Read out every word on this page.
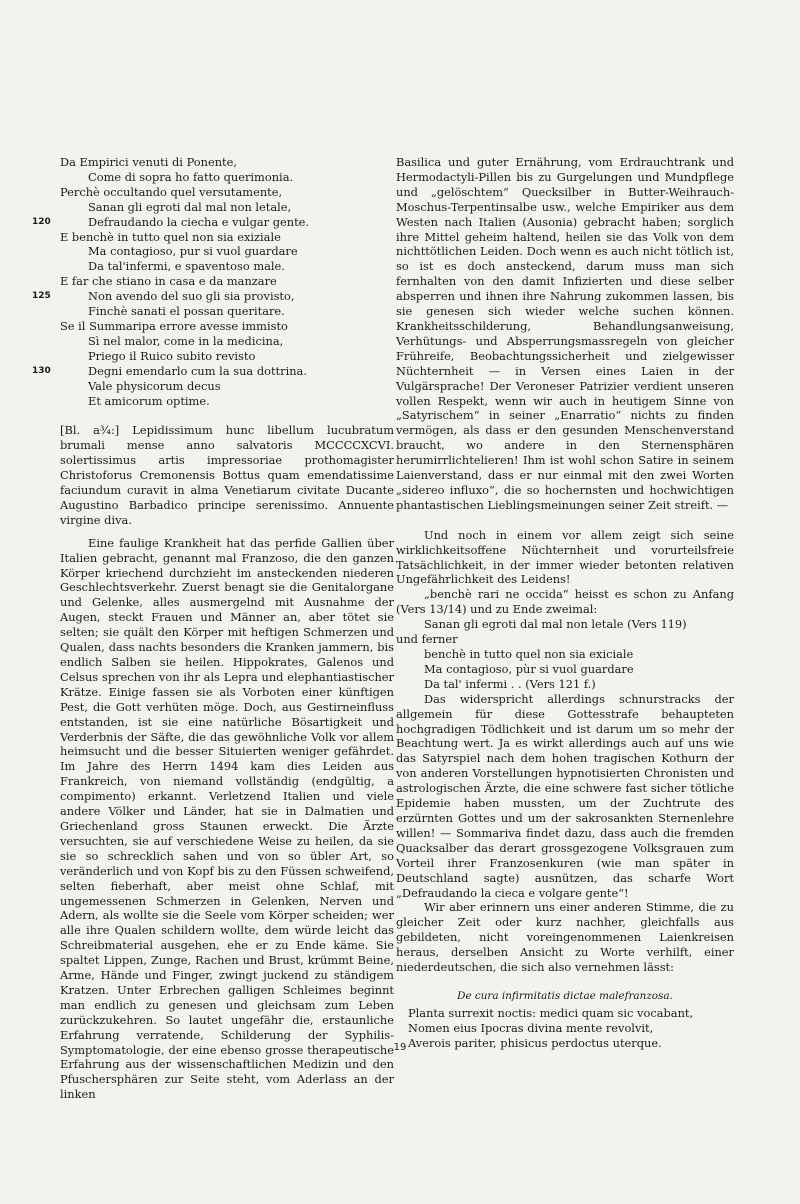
Da Empirici venuti di Ponente,

Come di sopra ho fatto querimonia.

Perchè occultando quel versutamente,

Sanan gli egroti dal mal non letale,

120	Defraudando la ciecha e vulgar gente.

E benchè in tutto quel non sia exiziale

Ma contagioso, pur si vuol guardare

Da tal'infermi, e spaventoso male.

E far che stiano in casa e da manzare

125	Non avendo del suo gli sia provisto,

Finchè sanati el possan queritare.

Se il Summaripa errore avesse immisto

Sì nel malor, come in la medicina,

Priego il Ruico subito revisto

130	Degni emendarlo cum la sua dottrina.

Vale physicorum decus

Et amicorum optime.

[Bl. a¾:] Lepidissimum hunc libellum lucubratum brumali mense anno salvatoris MCCCCXCVI. solertissimus artis impressoriae prothomagister Christoforus Cremonensis Bottus quam emendatissime faciundum curavit in alma Venetiarum civitate Ducante Augustino Barbadico principe serenissimo. Annuente virgine diva.

Eine faulige Krankheit hat das perfide Gallien über Italien gebracht, genannt mal Franzoso, die den ganzen Körper kriechend durchzieht im ansteckenden niederen Geschlechtsverkehr. Zuerst benagt sie die Genitalorgane und Gelenke, alles ausmergelnd mit Ausnahme der Augen, steckt Frauen und Männer an, aber tötet sie selten; sie quält den Körper mit heftigen Schmerzen und Qualen, dass nachts besonders die Kranken jammern, bis endlich Salben sie heilen. Hippokrates, Galenos und Celsus sprechen von ihr als Lepra und elephantiastischer Krätze. Einige fassen sie als Vorboten einer künftigen Pest, die Gott verhüten möge. Doch, aus Gestirneinfluss entstanden, ist sie eine natürliche Bösartigkeit und Verderbnis der Säfte, die das gewöhnliche Volk vor allem heimsucht und die besser Situierten weniger gefährdet. Im Jahre des Herrn 1494 kam dies Leiden aus Frankreich, von niemand vollständig (endgültig, a compimento) erkannt. Verletzend Italien und viele andere Völker und Länder, hat sie in Dalmatien und Griechenland gross Staunen erweckt. Die Ärzte versuchten, sie auf verschiedene Weise zu heilen, da sie sie so schrecklich sahen und von so übler Art, so veränderlich und von Kopf bis zu den Füssen schweifend, selten fieberhaft, aber meist ohne Schlaf, mit ungemessenen Schmerzen in Gelenken, Nerven und Adern, als wollte sie die Seele vom Körper scheiden; wer alle ihre Qualen schildern wollte, dem würde leicht das Schreibmaterial ausgehen, ehe er zu Ende käme. Sie spaltet Lippen, Zunge, Rachen und Brust, krümmt Beine, Arme, Hände und Finger, zwingt juckend zu ständigem Kratzen. Unter Erbrechen galligen Schleimes beginnt man endlich zu genesen und gleichsam zum Leben zurückzukehren. So lautet ungefähr die, erstaunliche Erfahrung verratende, Schilderung der Syphilis-Symptomatologie, der eine ebenso grosse therapeutische Erfahrung aus der wissenschaftlichen Medizin und den Pfuschersphären zur Seite steht, vom Aderlass an der linken

Basilica und guter Ernährung, vom Erdrauchtrank und Hermodactyli-Pillen bis zu Gurgelungen und Mundpflege und „gelöschtem“ Quecksilber in Butter-Weihrauch-Moschus-Terpentinsalbe usw., welche Empiriker aus dem Westen nach Italien (Ausonia) gebracht haben; sorglich ihre Mittel geheim haltend, heilen sie das Volk von dem nichttötlichen Leiden. Doch wenn es auch nicht tötlich ist, so ist es doch ansteckend, darum muss man sich fernhalten von den damit Infizierten und diese selber absperren und ihnen ihre Nahrung zukommen lassen, bis sie genesen sich wieder welche suchen können. Krankheitsschilderung, Behandlungsanweisung, Verhütungs- und Absperrungsmassregeln von gleicher Frühreife, Beobachtungssicherheit und zielgewisser Nüchternheit — in Versen eines Laien in der Vulgärsprache! Der Veroneser Patrizier verdient unseren vollen Respekt, wenn wir auch in heutigem Sinne von „Satyrischem“ in seiner „Enarratio“ nichts zu finden vermögen, als dass er den gesunden Menschenverstand braucht, wo andere in den Sternensphären herumirrlichtelieren! Ihm ist wohl schon Satire in seinem Laienverstand, dass er nur einmal mit den zwei Worten „sidereo influxo“, die so hochernsten und hochwichtigen phantastischen Lieblingsmeinungen seiner Zeit streift. —

Und noch in einem vor allem zeigt sich seine wirklichkeitsoffene Nüchternheit und vorurteilsfreie Tatsächlichkeit, in der immer wieder betonten relativen Ungefährlichkeit des Leidens!

„benchè rari ne occida“ heisst es schon zu Anfang (Vers 13/14) und zu Ende zweimal:

Sanan gli egroti dal mal non letale (Vers 119)

und ferner

benchè in tutto quel non sia exiciale

Ma contagioso, pùr si vuol guardare

Da tal' infermi . . (Vers 121 f.)

Das widerspricht allerdings schnurstracks der allgemein für diese Gottesstrafe behaupteten hochgradigen Tödlichkeit und ist darum um so mehr der Beachtung wert. Ja es wirkt allerdings auch auf uns wie das Satyrspiel nach dem hohen tragischen Kothurn der von anderen Vorstellungen hypnotisierten Chronisten und astrologischen Ärzte, die eine schwere fast sicher tötliche Epidemie haben mussten, um der Zuchtrute des erzürnten Gottes und um der sakrosankten Sternenlehre willen! — Sommariva findet dazu, dass auch die fremden Quacksalber das derart grossgezogene Volksgrauen zum Vorteil ihrer Franzosenkuren (wie man später in Deutschland sagte) ausnützen, das scharfe Wort „Defraudando la cieca e volgare gente“!

Wir aber erinnern uns einer anderen Stimme, die zu gleicher Zeit oder kurz nachher, gleichfalls aus gebildeten, nicht voreingenommenen Laienkreisen heraus, derselben Ansicht zu Worte verhilft, einer niederdeutschen, die sich also vernehmen lässt:

De cura infirmitatis dictae malefranzosa.

Planta surrexit noctis: medici quam sic vocabant,

Nomen eius Ipocras divina mente revolvit,

Averois pariter, phisicus perdoctus uterque.

19
